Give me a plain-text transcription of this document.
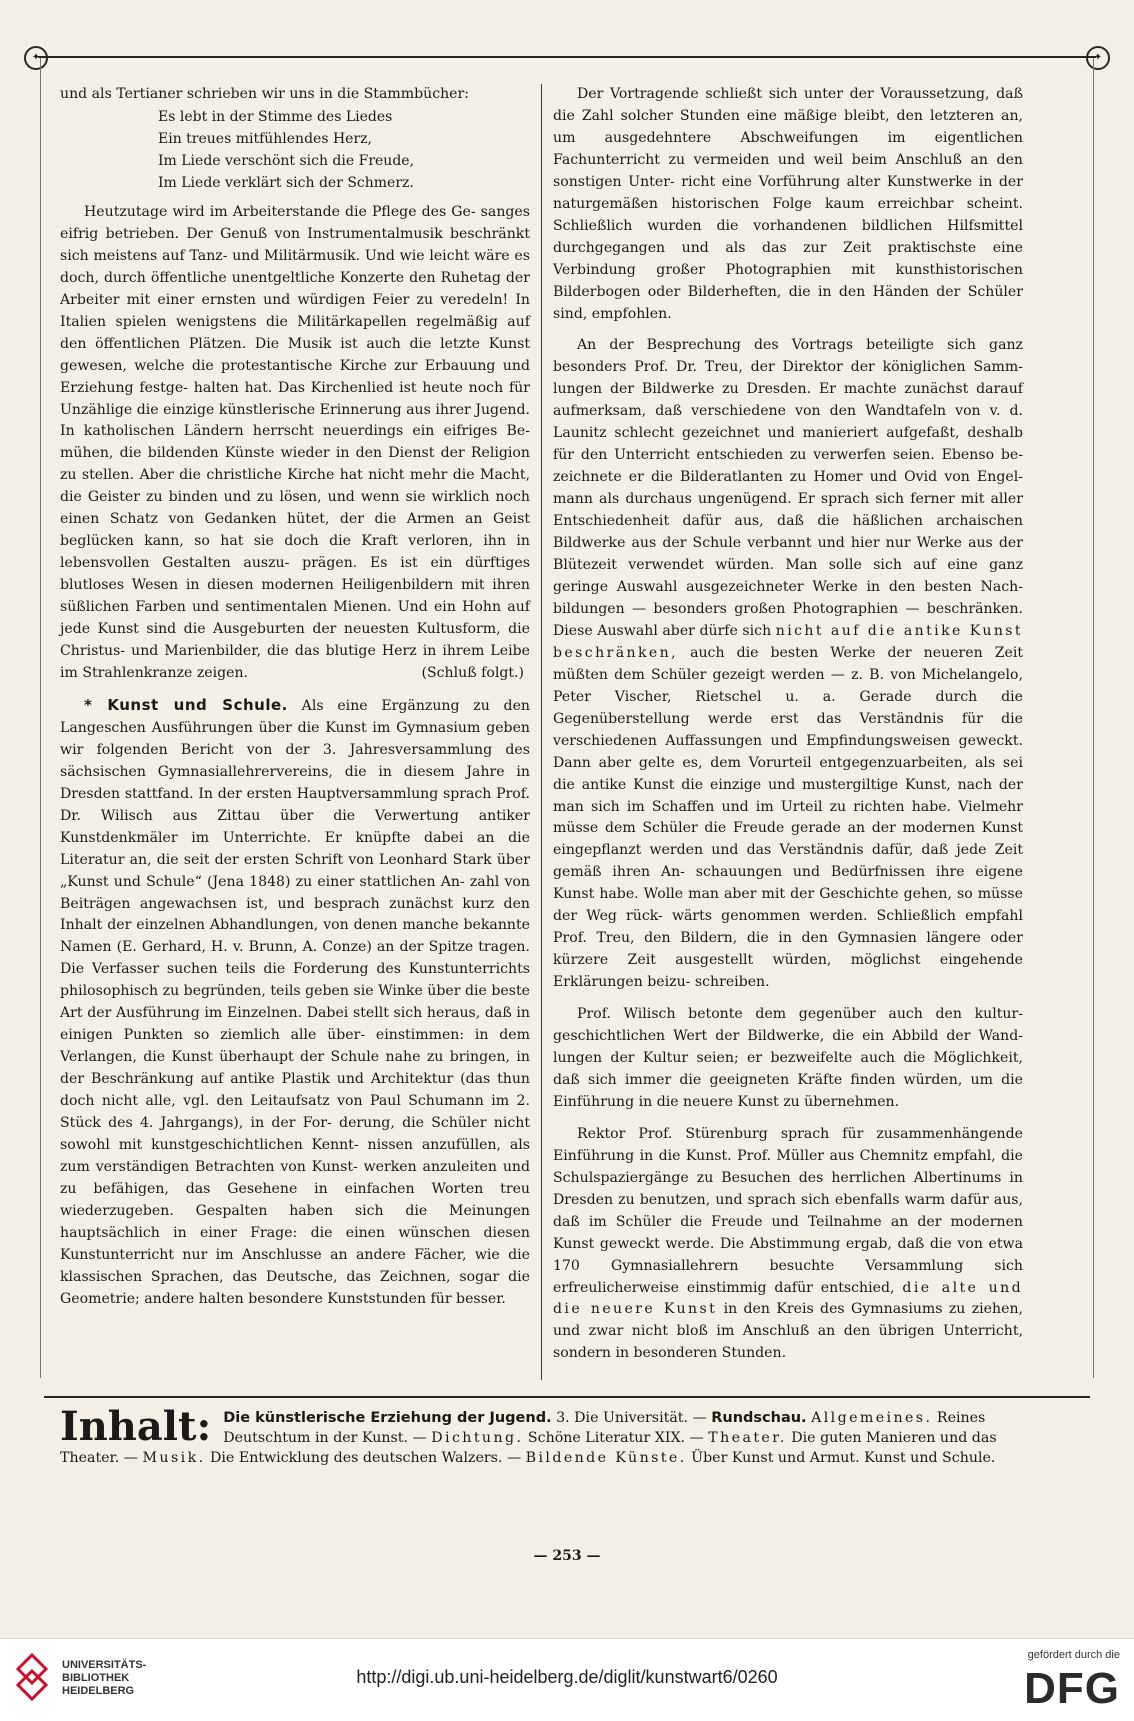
✦	✦

und als Tertianer schrieben wir uns in die Stammbücher:

Es lebt in der Stimme des Liedes
Ein treues mitfühlendes Herz,
Im Liede verschönt sich die Freude,
Im Liede verklärt sich der Schmerz.

Heutzutage wird im Arbeiterstande die Pflege des Ge- sanges eifrig betrieben. Der Genuß von Instrumentalmusik beschränkt sich meistens auf Tanz- und Militärmusik. Und wie leicht wäre es doch, durch öffentliche unentgeltliche Konzerte den Ruhetag der Arbeiter mit einer ernsten und würdigen Feier zu veredeln! In Italien spielen wenigstens die Militärkapellen regelmäßig auf den öffentlichen Plätzen. Die Musik ist auch die letzte Kunst gewesen, welche die protestantische Kirche zur Erbauung und Erziehung festge- halten hat. Das Kirchenlied ist heute noch für Unzählige die einzige künstlerische Erinnerung aus ihrer Jugend. In katholischen Ländern herrscht neuerdings ein eifriges Be- mühen, die bildenden Künste wieder in den Dienst der Religion zu stellen. Aber die christliche Kirche hat nicht mehr die Macht, die Geister zu binden und zu lösen, und wenn sie wirklich noch einen Schatz von Gedanken hütet, der die Armen an Geist beglücken kann, so hat sie doch die Kraft verloren, ihn in lebensvollen Gestalten auszu- prägen. Es ist ein dürftiges blutloses Wesen in diesen modernen Heiligenbildern mit ihren süßlichen Farben und sentimentalen Mienen. Und ein Hohn auf jede Kunst sind die Ausgeburten der neuesten Kultusform, die Christus- und Marienbilder, die das blutige Herz in ihrem Leibe im Strahlenkranze zeigen.	(Schluß folgt.)

* Kunst und Schule. Als eine Ergänzung zu den Langeschen Ausführungen über die Kunst im Gymnasium geben wir folgenden Bericht von der 3. Jahresversammlung des sächsischen Gymnasiallehrervereins, die in diesem Jahre in Dresden stattfand. In der ersten Hauptversammlung sprach Prof. Dr. Wilisch aus Zittau über die Verwertung antiker Kunstdenkmäler im Unterrichte. Er knüpfte dabei an die Literatur an, die seit der ersten Schrift von Leonhard Stark über „Kunst und Schule“ (Jena 1848) zu einer stattlichen An- zahl von Beiträgen angewachsen ist, und besprach zunächst kurz den Inhalt der einzelnen Abhandlungen, von denen manche bekannte Namen (E. Gerhard, H. v. Brunn, A. Conze) an der Spitze tragen. Die Verfasser suchen teils die Forderung des Kunstunterrichts philosophisch zu begründen, teils geben sie Winke über die beste Art der Ausführung im Einzelnen. Dabei stellt sich heraus, daß in einigen Punkten so ziemlich alle über- einstimmen: in dem Verlangen, die Kunst überhaupt der Schule nahe zu bringen, in der Beschränkung auf antike Plastik und Architektur (das thun doch nicht alle, vgl. den Leitaufsatz von Paul Schumann im 2. Stück des 4. Jahrgangs), in der For- derung, die Schüler nicht sowohl mit kunstgeschichtlichen Kennt- nissen anzufüllen, als zum verständigen Betrachten von Kunst- werken anzuleiten und zu befähigen, das Gesehene in einfachen Worten treu wiederzugeben. Gespalten haben sich die Meinungen hauptsächlich in einer Frage: die einen wünschen diesen Kunstunterricht nur im Anschlusse an andere Fächer, wie die klassischen Sprachen, das Deutsche, das Zeichnen, sogar die Geometrie; andere halten besondere Kunststunden für besser.

Der Vortragende schließt sich unter der Voraussetzung, daß die Zahl solcher Stunden eine mäßige bleibt, den letzteren an, um ausgedehntere Abschweifungen im eigentlichen Fachunterricht zu vermeiden und weil beim Anschluß an den sonstigen Unter- richt eine Vorführung alter Kunstwerke in der naturgemäßen historischen Folge kaum erreichbar scheint. Schließlich wurden die vorhandenen bildlichen Hilfsmittel durchgegangen und als das zur Zeit praktischste eine Verbindung großer Photographien mit kunsthistorischen Bilderbogen oder Bilderheften, die in den Händen der Schüler sind, empfohlen.

An der Besprechung des Vortrags beteiligte sich ganz besonders Prof. Dr. Treu, der Direktor der königlichen Samm- lungen der Bildwerke zu Dresden. Er machte zunächst darauf aufmerksam, daß verschiedene von den Wandtafeln von v. d. Launitz schlecht gezeichnet und manieriert aufgefaßt, deshalb für den Unterricht entschieden zu verwerfen seien. Ebenso be- zeichnete er die Bilderatlanten zu Homer und Ovid von Engel- mann als durchaus ungenügend. Er sprach sich ferner mit aller Entschiedenheit dafür aus, daß die häßlichen archaischen Bildwerke aus der Schule verbannt und hier nur Werke aus der Blütezeit verwendet würden. Man solle sich auf eine ganz geringe Auswahl ausgezeichneter Werke in den besten Nach- bildungen — besonders großen Photographien — beschränken. Diese Auswahl aber dürfe sich nicht auf die antike Kunst beschränken, auch die besten Werke der neueren Zeit müßten dem Schüler gezeigt werden — z. B. von Michelangelo, Peter Vischer, Rietschel u. a. Gerade durch die Gegenüberstellung werde erst das Verständnis für die verschiedenen Auffassungen und Empfindungsweisen geweckt. Dann aber gelte es, dem Vorurteil entgegenzuarbeiten, als sei die antike Kunst die einzige und mustergiltige Kunst, nach der man sich im Schaffen und im Urteil zu richten habe. Vielmehr müsse dem Schüler die Freude gerade an der modernen Kunst eingepflanzt werden und das Verständnis dafür, daß jede Zeit gemäß ihren An- schauungen und Bedürfnissen ihre eigene Kunst habe. Wolle man aber mit der Geschichte gehen, so müsse der Weg rück- wärts genommen werden. Schließlich empfahl Prof. Treu, den Bildern, die in den Gymnasien längere oder kürzere Zeit ausgestellt würden, möglichst eingehende Erklärungen beizu- schreiben.

Prof. Wilisch betonte dem gegenüber auch den kultur- geschichtlichen Wert der Bildwerke, die ein Abbild der Wand- lungen der Kultur seien; er bezweifelte auch die Möglichkeit, daß sich immer die geeigneten Kräfte finden würden, um die Einführung in die neuere Kunst zu übernehmen.

Rektor Prof. Stürenburg sprach für zusammenhängende Einführung in die Kunst. Prof. Müller aus Chemnitz empfahl, die Schulspaziergänge zu Besuchen des herrlichen Albertinums in Dresden zu benutzen, und sprach sich ebenfalls warm dafür aus, daß im Schüler die Freude und Teilnahme an der modernen Kunst geweckt werde. Die Abstimmung ergab, daß die von etwa 170 Gymnasiallehrern besuchte Versammlung sich erfreulicherweise einstimmig dafür entschied, die alte und die neuere Kunst in den Kreis des Gymnasiums zu ziehen, und zwar nicht bloß im Anschluß an den übrigen Unterricht, sondern in besonderen Stunden.

Inhalt: Die künstlerische Erziehung der Jugend. 3. Die Universität. — Rundschau. Allgemeines. Reines Deutschtum in der Kunst. — Dichtung. Schöne Literatur XIX. — Theater. Die guten Manieren und das Theater. — Musik. Die Entwicklung des deutschen Walzers. — Bildende Künste. Über Kunst und Armut. Kunst und Schule.
— 253 —
UNIVERSITÄTS- BIBLIOTHEK HEIDELBERG
http://digi.ub.uni-heidelberg.de/diglit/kunstwart6/0260
gefördert durch die
DFG
